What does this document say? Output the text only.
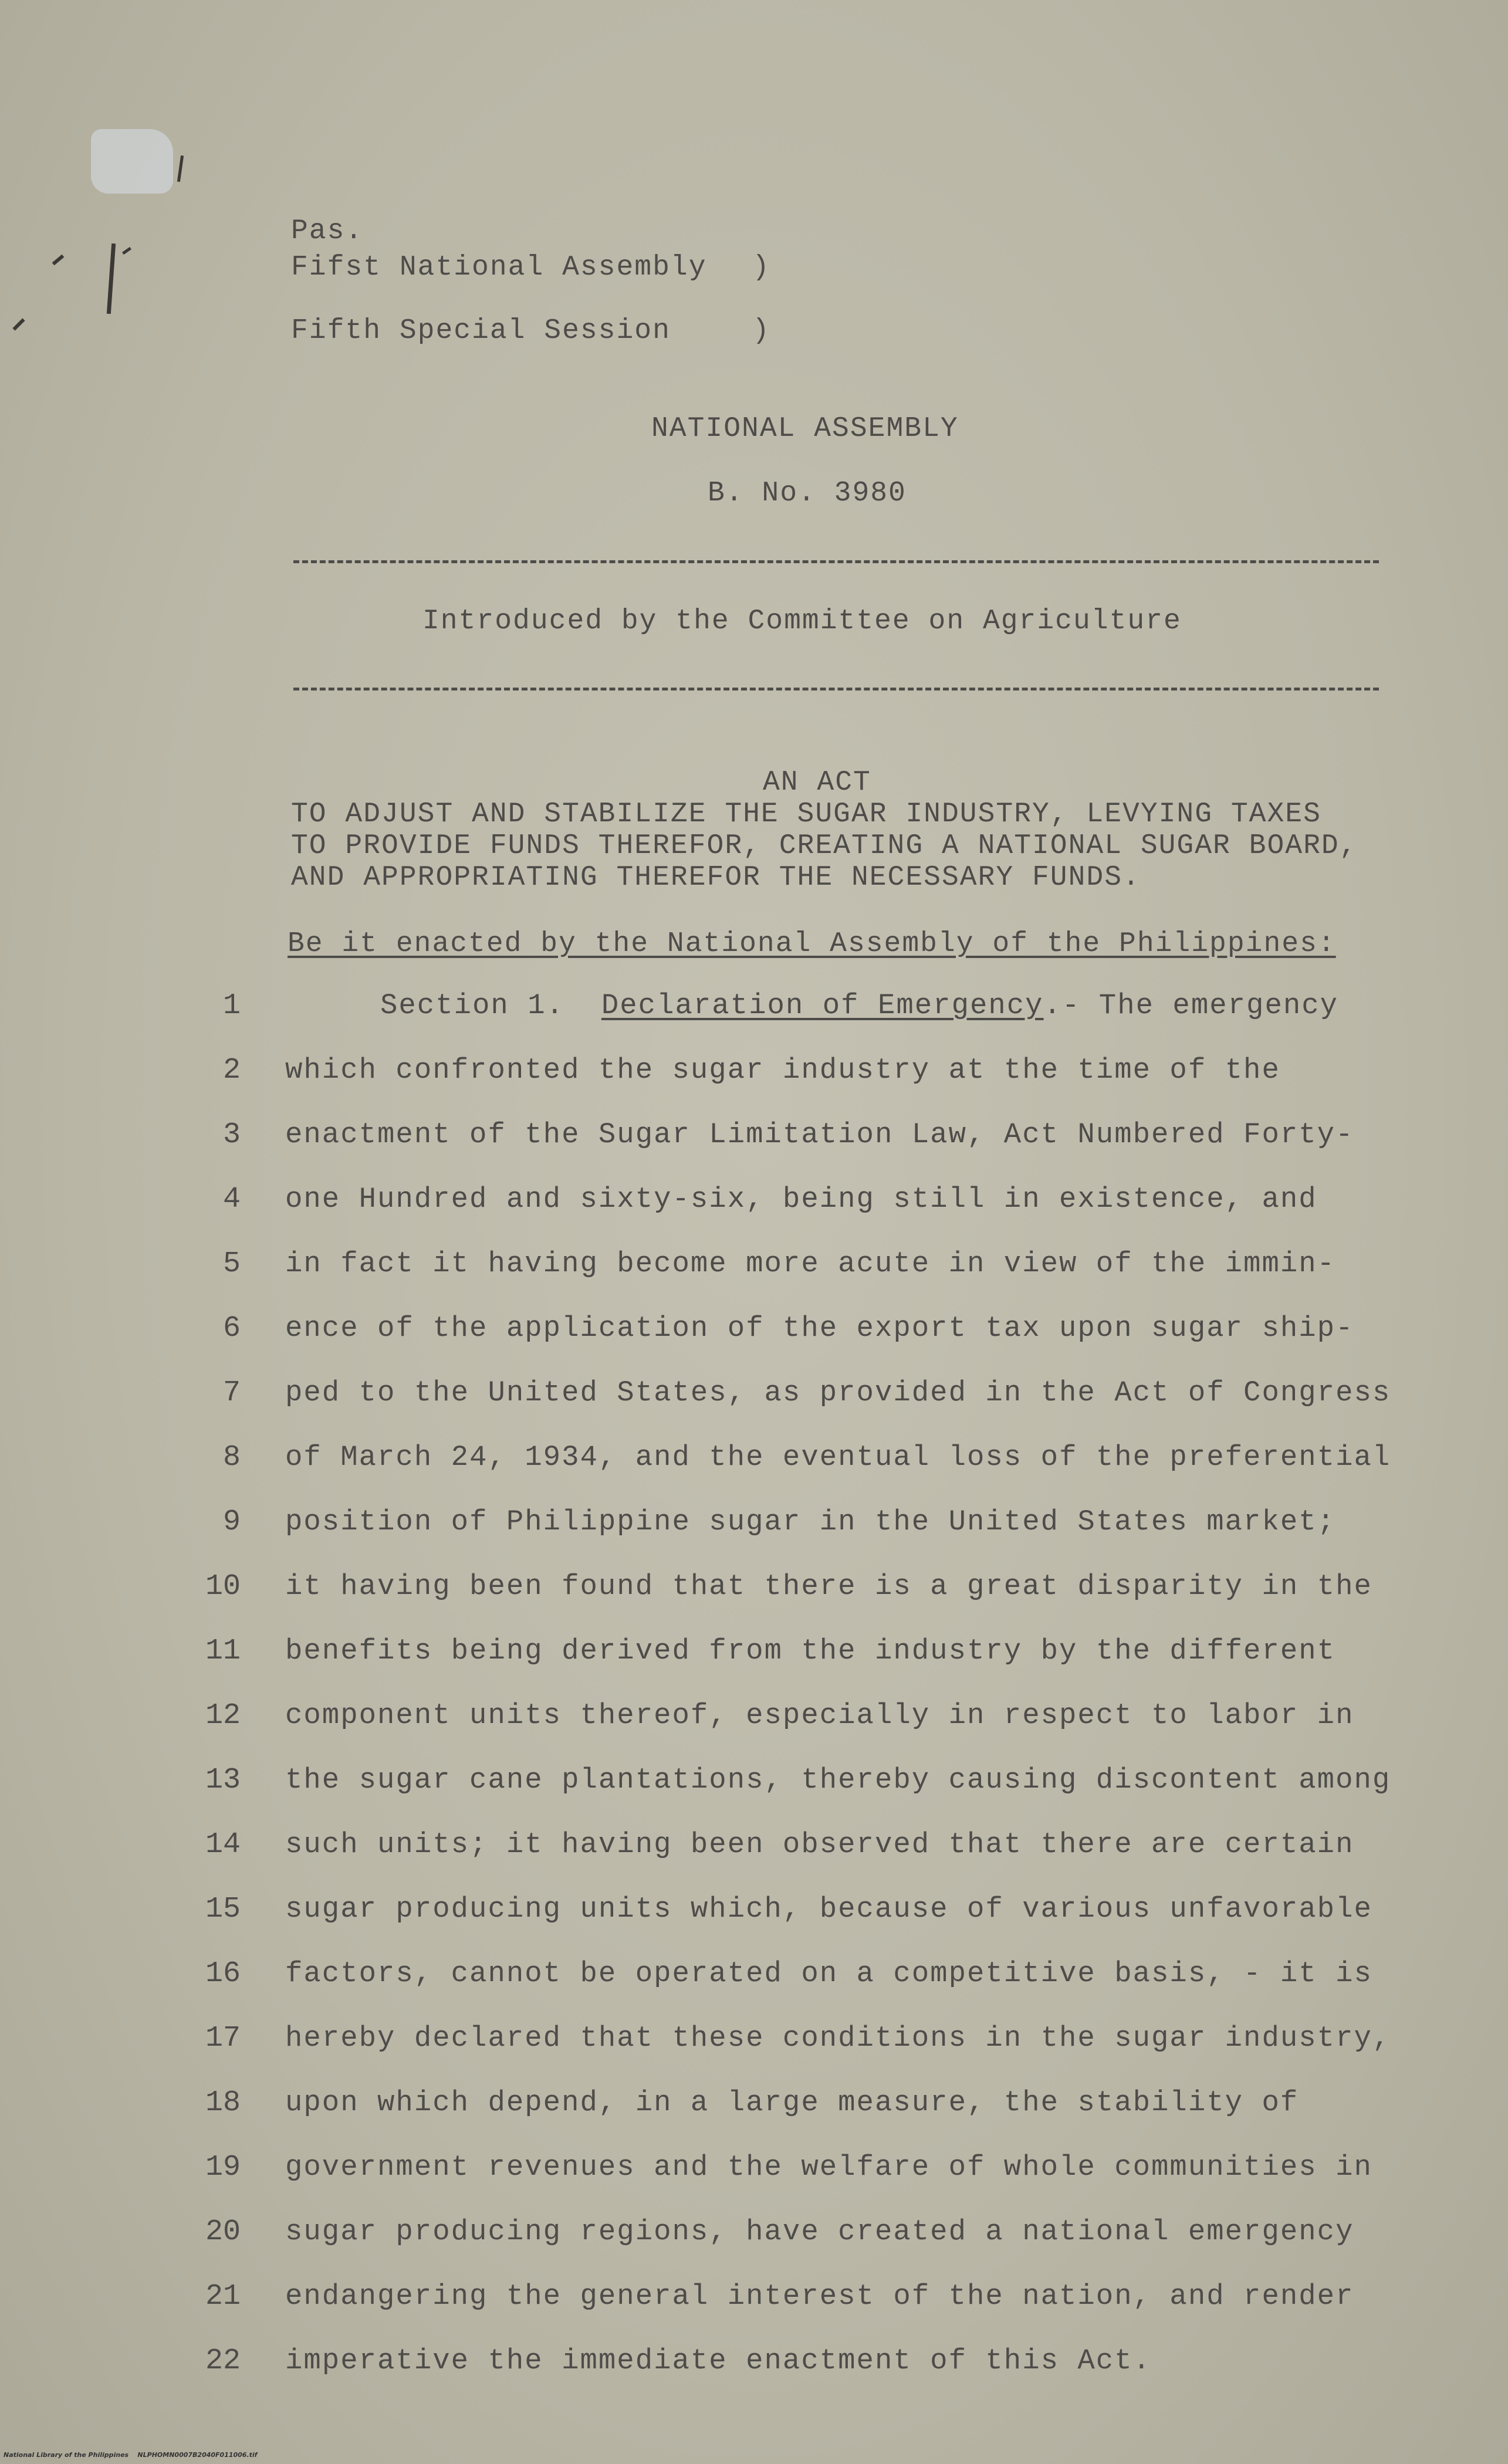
Pas.
Fifst National Assembly
Fifth Special Session
)
)
NATIONAL ASSEMBLY
B. No. 3980
Introduced by the Committee on Agriculture
AN ACT
TO ADJUST AND STABILIZE THE SUGAR INDUSTRY, LEVYING TAXES
TO PROVIDE FUNDS THEREFOR, CREATING A NATIONAL SUGAR BOARD,
AND APPROPRIATING THEREFOR THE NECESSARY FUNDS.
Be it enacted by the National Assembly of the Philippines:
1
2
3
4
5
6
7
8
9
10
11
12
13
14
15
16
17
18
19
20
21
22
Section 1. Declaration of Emergency.- The emergency
which confronted the sugar industry at the time of the
enactment of the Sugar Limitation Law, Act Numbered Forty-
one Hundred and sixty-six, being still in existence, and
in fact it having become more acute in view of the immin-
ence of the application of the export tax upon sugar ship-
ped to the United States, as provided in the Act of Congress
of March 24, 1934, and the eventual loss of the preferential
position of Philippine sugar in the United States market;
it having been found that there is a great disparity in the
benefits being derived from the industry by the different
component units thereof, especially in respect to labor in
the sugar cane plantations, thereby causing discontent among
such units; it having been observed that there are certain
sugar producing units which, because of various unfavorable
factors, cannot be operated on a competitive basis, - it is
hereby declared that these conditions in the sugar industry,
upon which depend, in a large measure, the stability of
government revenues and the welfare of whole communities in
sugar producing regions, have created a national emergency
endangering the general interest of the nation, and render
imperative the immediate enactment of this Act.
National Library of the Philippines    NLPHOMN0007B2040F011006.tif
